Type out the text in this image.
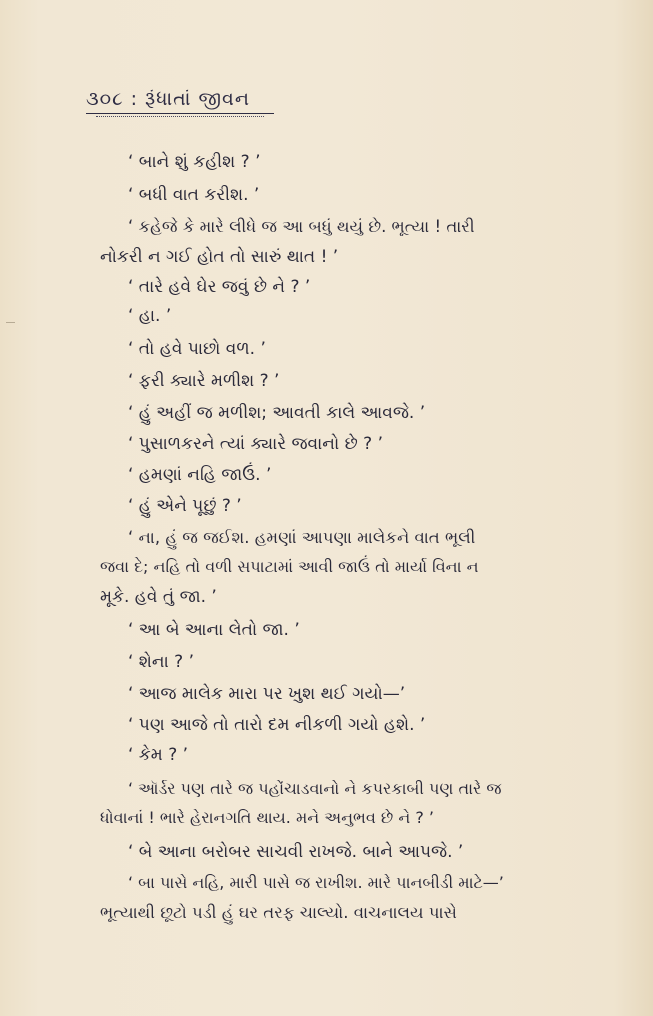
૩૦૮ : રૂંધાતાં જીવન
‘ બાને શું કહીશ ? ’
‘ બધી વાત કરીશ. ’
‘ કહેજે કે મારે લીધે જ આ બધું થયું છે. ભૂત્યા ! તારી
નોકરી ન ગઈ હોત તો સારું થાત ! ’
‘ તારે હવે ઘેર જવું છે ને ? ’
‘ હા. ’
‘ તો હવે પાછો વળ. ’
‘ ફરી ક્યારે મળીશ ? ’
‘ હું અહીં જ મળીશ; આવતી કાલે આવજે. ’
‘ પુસાળકરને ત્યાં ક્યારે જવાનો છે ? ’
‘ હમણાં નહિ જાઉં. ’
‘ હું એને પૂછું ? ’
‘ ના, હું જ જઈશ. હમણાં આપણા માલેકને વાત ભૂલી
જવા દે; નહિ તો વળી સપાટામાં આવી જાઉં તો માર્યા વિના ન
મૂકે. હવે તું જા. ’
‘ આ બે આના લેતો જા. ’
‘ શેના ? ’
‘ આજ માલેક મારા પર ખુશ થઈ ગયો—’
‘ પણ આજે તો તારો દમ નીકળી ગયો હશે. ’
‘ કેમ ? ’
‘ ઑર્ડર પણ તારે જ પહોંચાડવાનો ને કપરકાબી પણ તારે જ
ધોવાનાં ! ભારે હેરાનગતિ થાય. મને અનુભવ છે ને ? ’
‘ બે આના બરોબર સાચવી રાખજે. બાને આપજે. ’
‘ બા પાસે નહિ, મારી પાસે જ રાખીશ. મારે પાનબીડી માટે—’
ભૂત્યાથી છૂટો પડી હું ઘર તરફ ચાલ્યો. વાચનાલય પાસે
